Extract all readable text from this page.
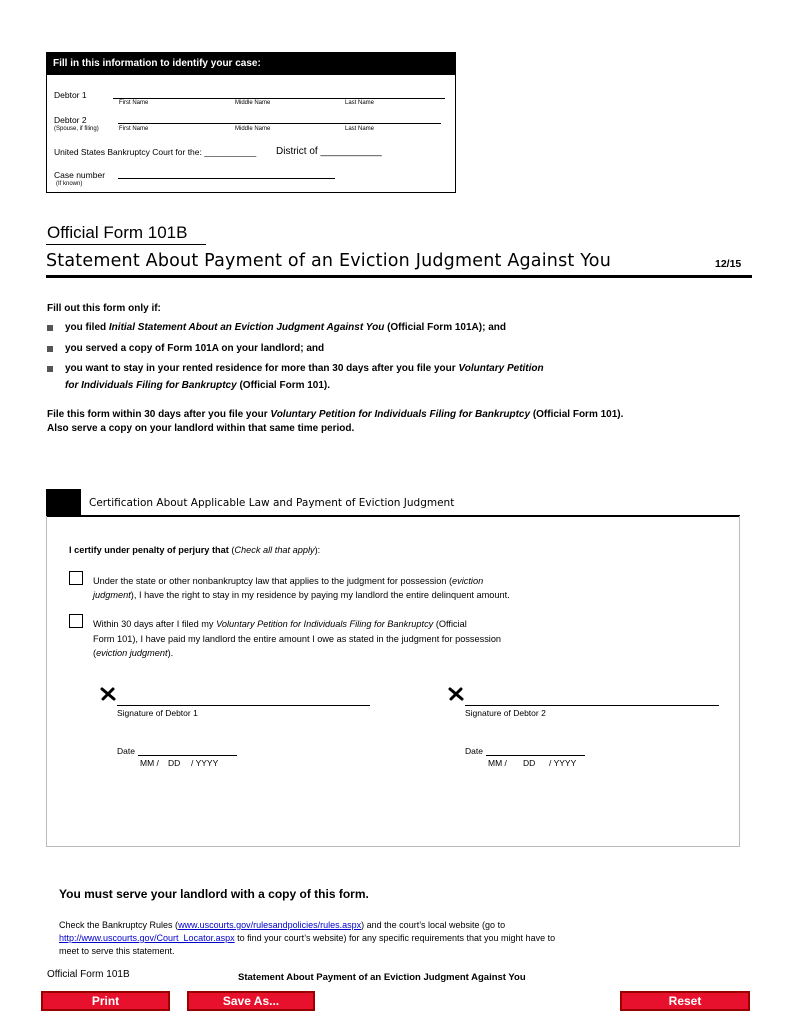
Fill in this information to identify your case:
Debtor 1
First Name	Middle Name	Last Name
Debtor 2
(Spouse, if filing)	First Name	Middle Name	Last Name
United States Bankruptcy Court for the: ___________ District of ___________
Case number
(If known)
Official Form 101B
Statement About Payment of an Eviction Judgment Against You	12/15
Fill out this form only if:
you filed Initial Statement About an Eviction Judgment Against You (Official Form 101A); and
you served a copy of Form 101A on your landlord; and
you want to stay in your rented residence for more than 30 days after you file your Voluntary Petition
for Individuals Filing for Bankruptcy (Official Form 101).
File this form within 30 days after you file your Voluntary Petition for Individuals Filing for Bankruptcy (Official Form 101).
Also serve a copy on your landlord within that same time period.
Certification About Applicable Law and Payment of Eviction Judgment
I certify under penalty of perjury that (Check all that apply):
Under the state or other nonbankruptcy law that applies to the judgment for possession (eviction
judgment), I have the right to stay in my residence by paying my landlord the entire delinquent amount.
Within 30 days after I filed my Voluntary Petition for Individuals Filing for Bankruptcy (Official
Form 101), I have paid my landlord the entire amount I owe as stated in the judgment for possession
(eviction judgment).
Signature of Debtor 1
Date
MM / DD / YYYY
Signature of Debtor 2
Date
MM / DD / YYYY
You must serve your landlord with a copy of this form.
Check the Bankruptcy Rules (www.uscourts.gov/rulesandpolicies/rules.aspx) and the court’s local website (go to
http://www.uscourts.gov/Court_Locator.aspx to find your court’s website) for any specific requirements that you might have to
meet to serve this statement.
Official Form 101B	Statement About Payment of an Eviction Judgment Against You
Print	Save As...	Reset
